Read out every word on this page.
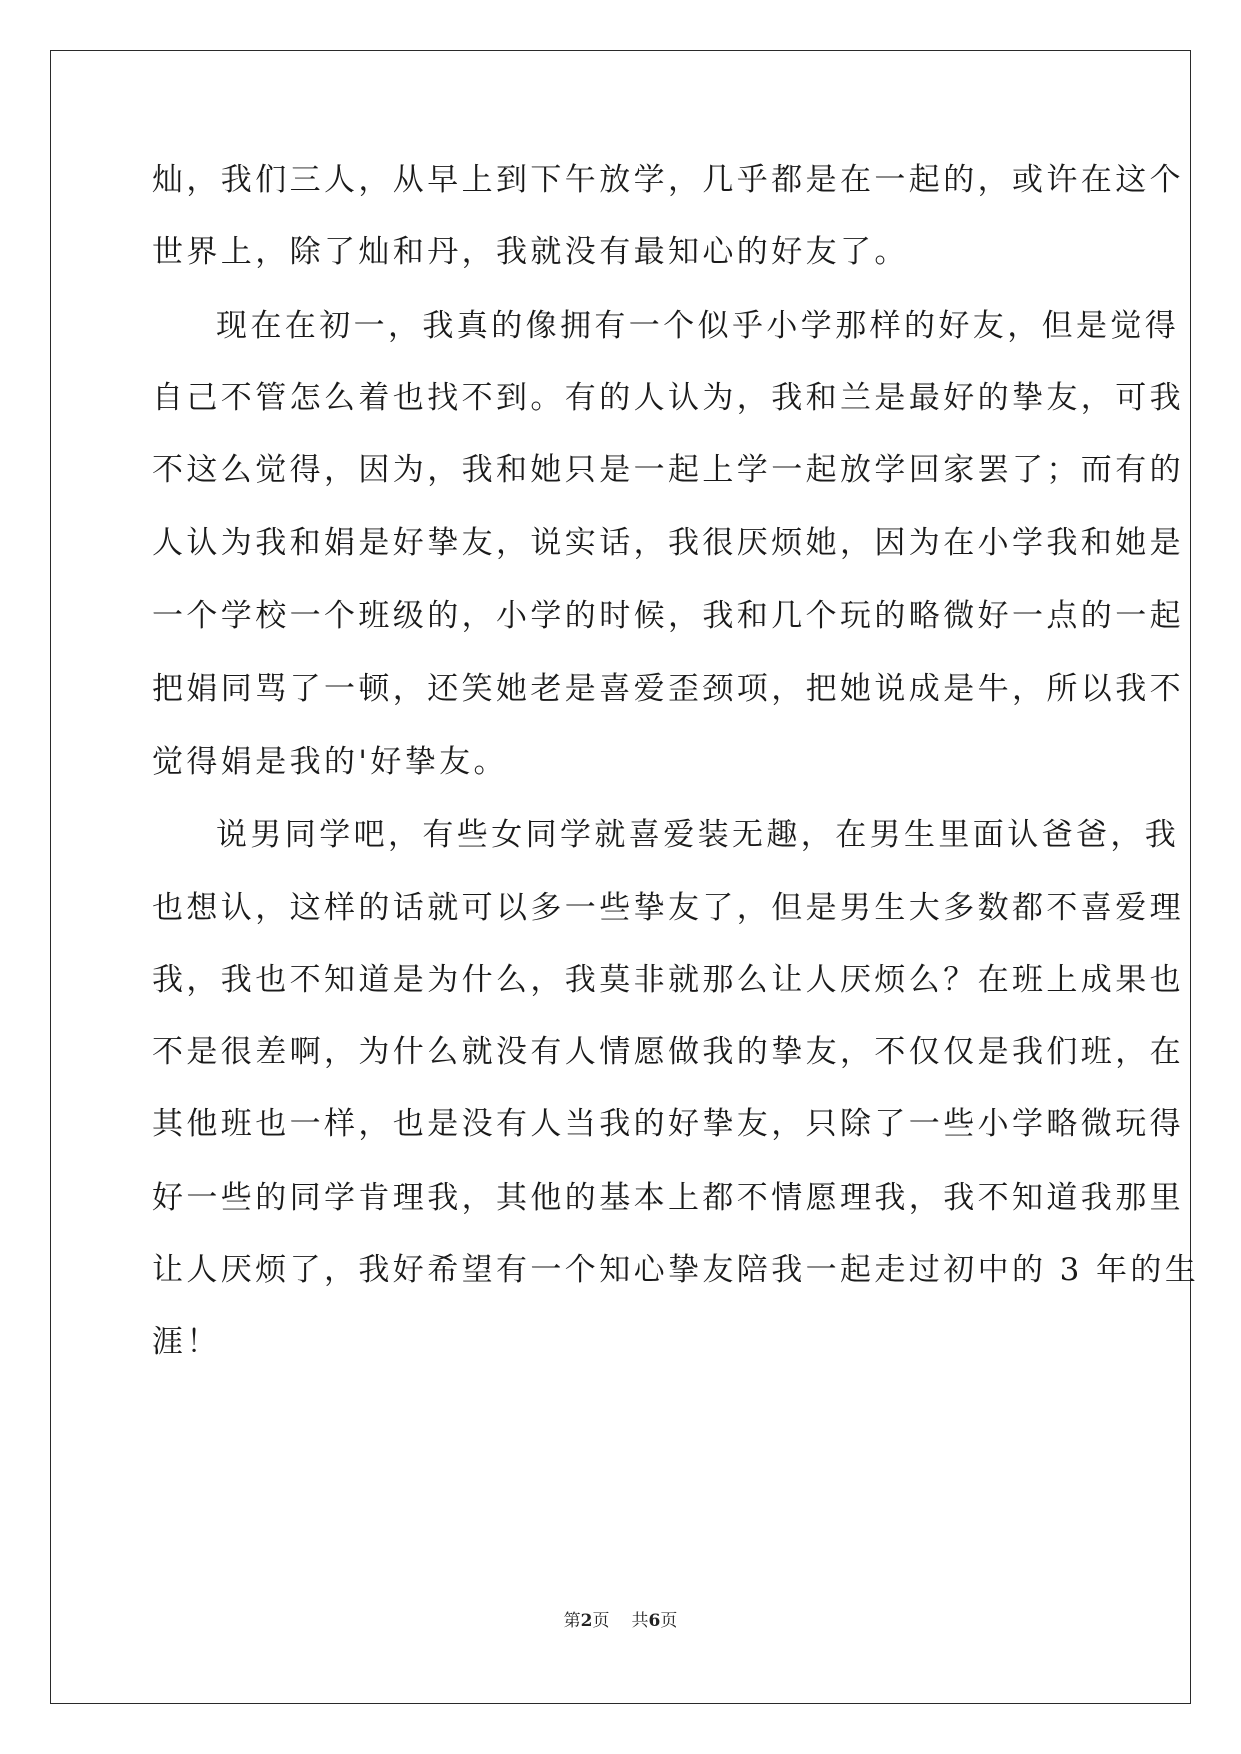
灿，我们三人，从早上到下午放学，几乎都是在一起的，或许在这个
世界上，除了灿和丹，我就没有最知心的好友了。
现在在初一，我真的像拥有一个似乎小学那样的好友，但是觉得
自己不管怎么着也找不到。有的人认为，我和兰是最好的挚友，可我
不这么觉得，因为，我和她只是一起上学一起放学回家罢了；而有的
人认为我和娟是好挚友，说实话，我很厌烦她，因为在小学我和她是
一个学校一个班级的，小学的时候，我和几个玩的略微好一点的一起
把娟同骂了一顿，还笑她老是喜爱歪颈项，把她说成是牛，所以我不
觉得娟是我的'好挚友。
说男同学吧，有些女同学就喜爱装无趣，在男生里面认爸爸，我
也想认，这样的话就可以多一些挚友了，但是男生大多数都不喜爱理
我，我也不知道是为什么，我莫非就那么让人厌烦么？在班上成果也
不是很差啊，为什么就没有人情愿做我的挚友，不仅仅是我们班，在
其他班也一样，也是没有人当我的好挚友，只除了一些小学略微玩得
好一些的同学肯理我，其他的基本上都不情愿理我，我不知道我那里
让人厌烦了，我好希望有一个知心挚友陪我一起走过初中的 3 年的生
涯！
第2页 共6页
